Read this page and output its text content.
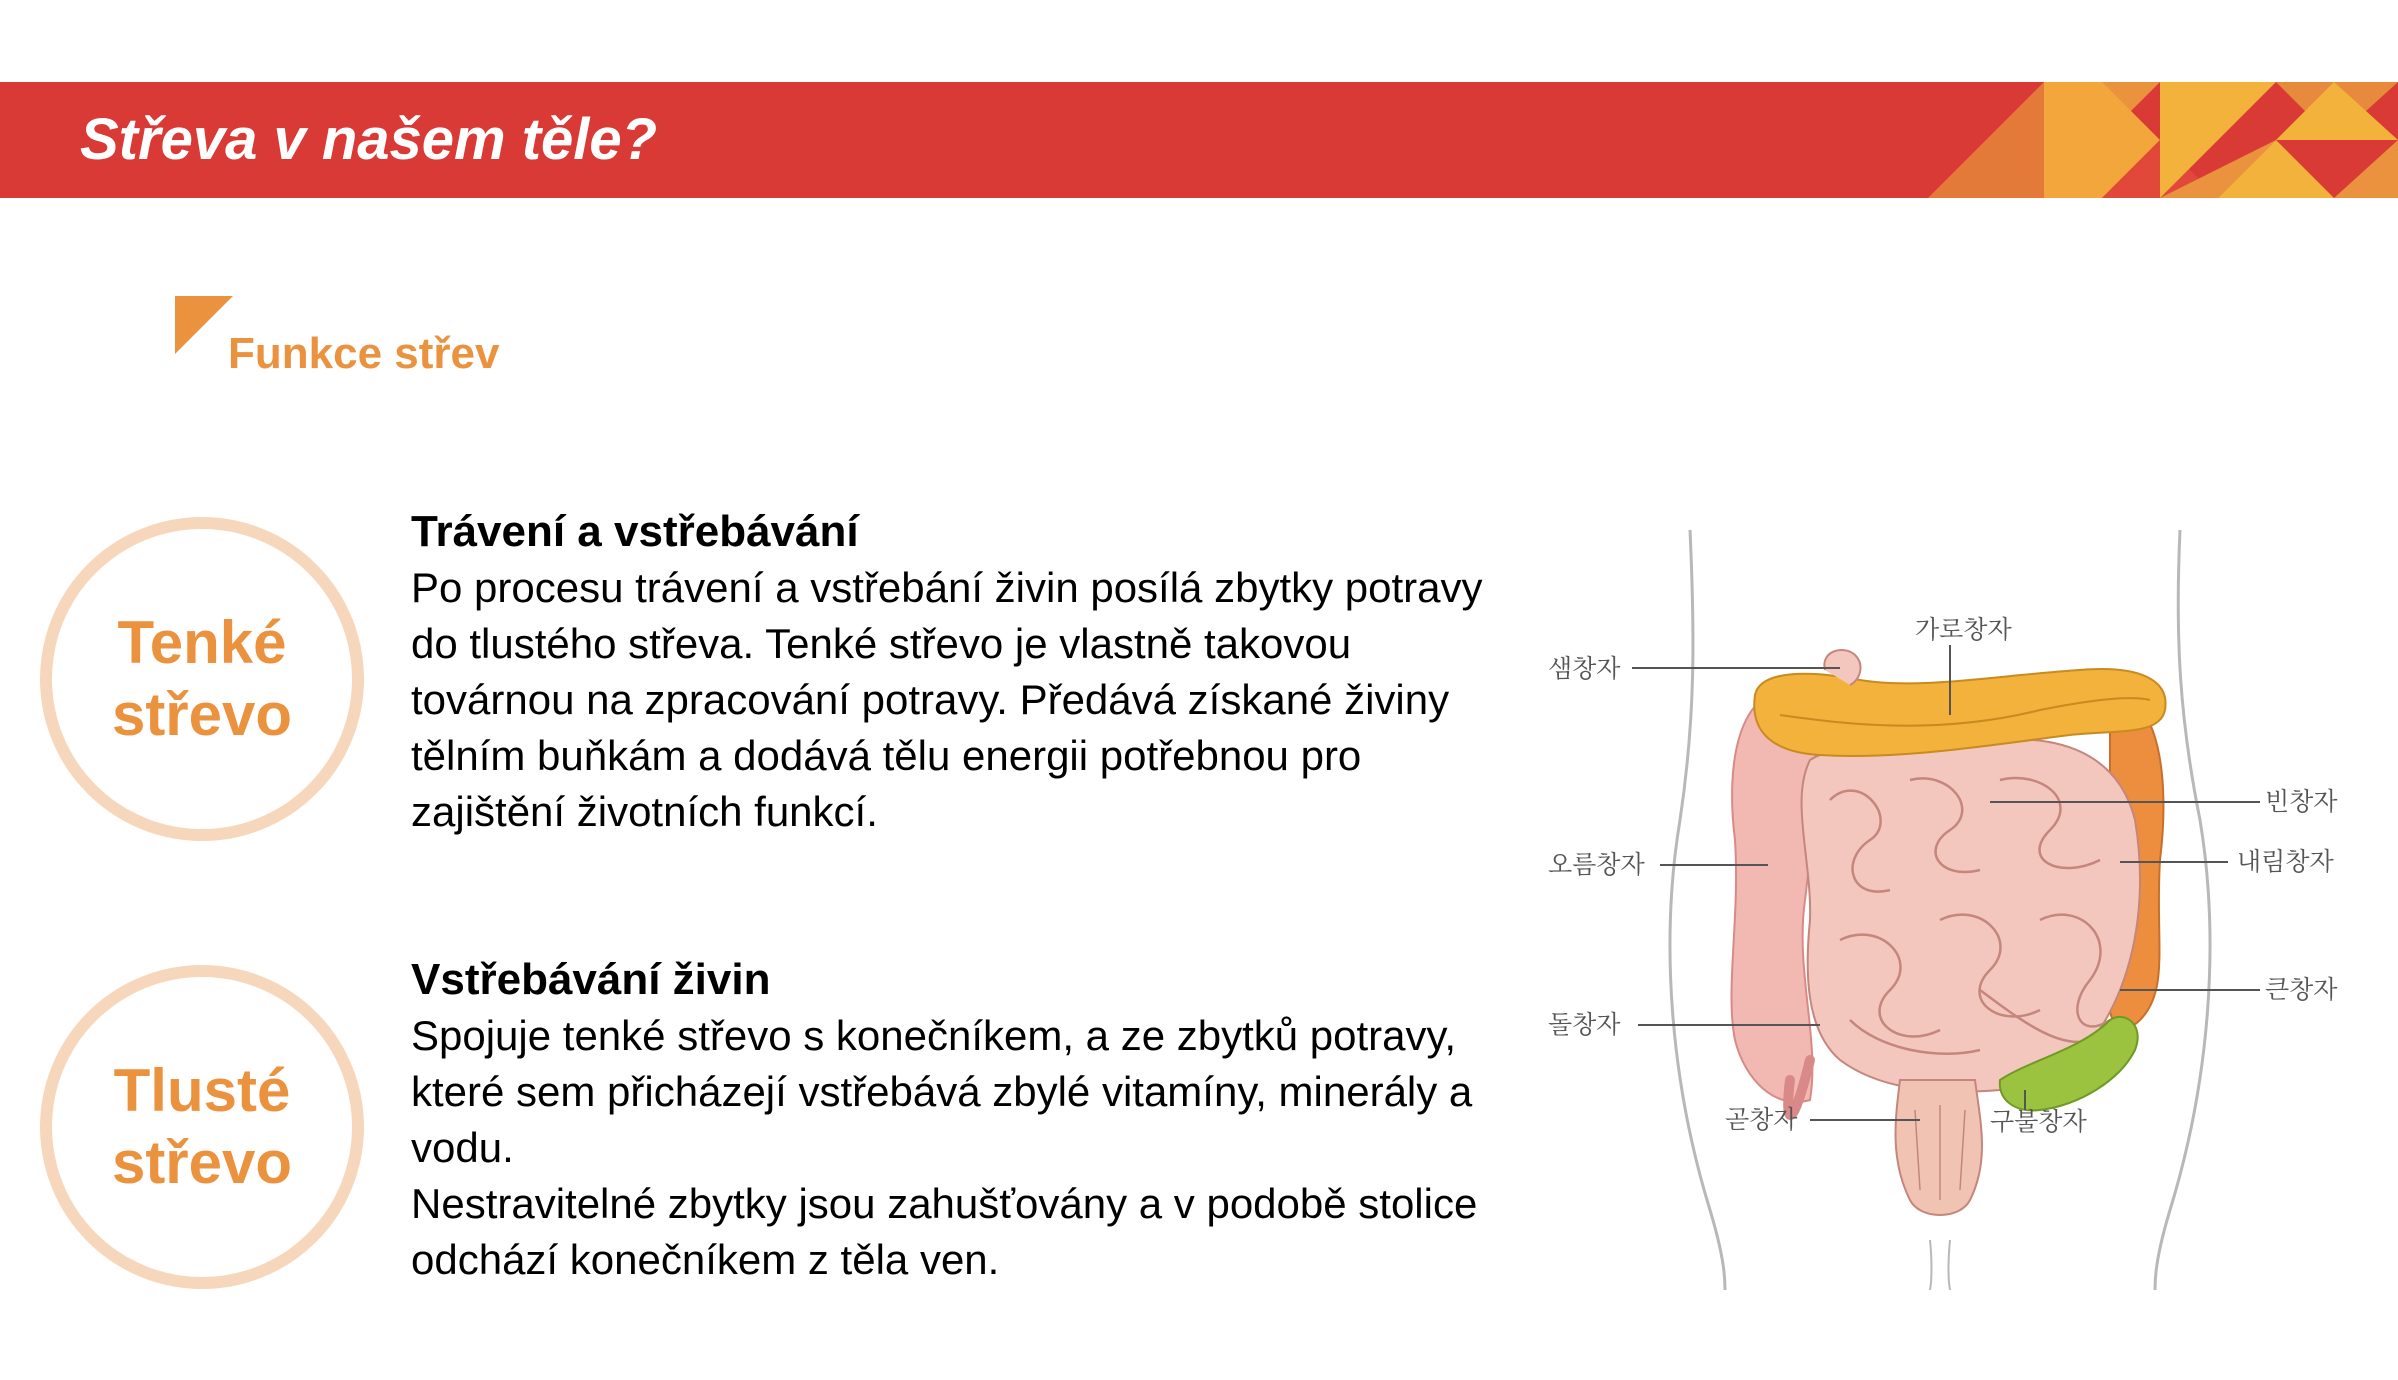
Střeva v našem těle?
Funkce střev
Tenké
střevo
Trávení a vstřebávání

Po procesu trávení a vstřebání živin posílá zbytky potravy do tlustého střeva. Tenké střevo je vlastně takovou továrnou na zpracování potravy. Předává získané živiny tělním buňkám a dodává tělu energii potřebnou pro zajištění životních funkcí.

Tlusté
střevo
Vstřebávání živin

Spojuje tenké střevo s konečníkem, a ze zbytků potravy, které sem přicházejí vstřebává zbylé vitamíny, minerály a vodu.

Nestravitelné zbytky jsou zahušťovány a v podobě stolice odchází konečníkem z těla ven.

샘창자
가로창자
빈창자
오름창자	내림창자
큰창자
돌창자
곧창자	구불창자
